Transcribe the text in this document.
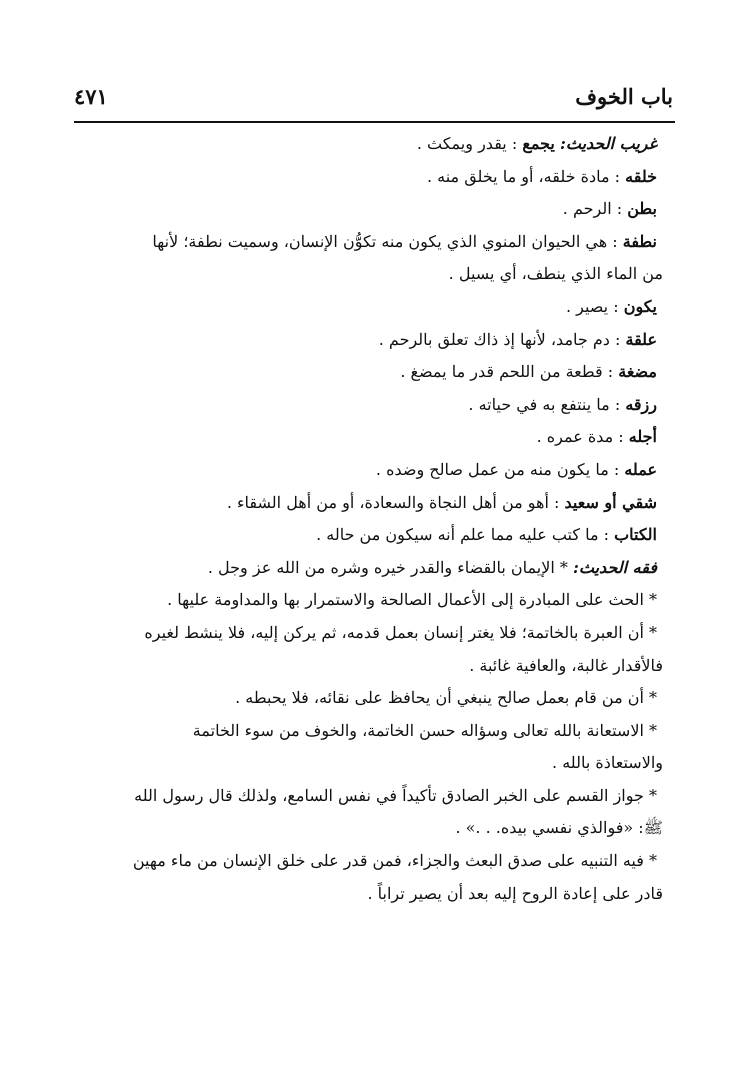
باب الخوف
٤٧١
غريب الحديث: يجمع : يقدر ويمكث .
خلقه : مادة خلقه، أو ما يخلق منه .
بطن : الرحم .
نطفة : هي الحيوان المنوي الذي يكون منه تكوُّن الإنسان، وسميت نطفة؛ لأنها
من الماء الذي ينطف، أي يسيل .
يكون : يصير .
علقة : دم جامد، لأنها إذ ذاك تعلق بالرحم .
مضغة : قطعة من اللحم قدر ما يمضغ .
رزقه : ما ينتفع به في حياته .
أجله : مدة عمره .
عمله : ما يكون منه من عمل صالح وضده .
شقي أو سعيد : أهو من أهل النجاة والسعادة، أو من أهل الشقاء .
الكتاب : ما كتب عليه مما علم أنه سيكون من حاله .
فقه الحديث: * الإيمان بالقضاء والقدر خيره وشره من الله عز وجل .
* الحث على المبادرة إلى الأعمال الصالحة والاستمرار بها والمداومة عليها .
* أن العبرة بالخاتمة؛ فلا يغتر إنسان بعمل قدمه، ثم يركن إليه، فلا ينشط لغيره
فالأقدار غالبة، والعافية غائبة .
* أن من قام بعمل صالح ينبغي أن يحافظ على نقائه، فلا يحبطه .
* الاستعانة بالله تعالى وسؤاله حسن الخاتمة، والخوف من سوء الخاتمة
والاستعاذة بالله .
* جواز القسم على الخبر الصادق تأكيداً في نفس السامع، ولذلك قال رسول الله
ﷺ: «فوالذي نفسي بيده. . .» .
* فيه التنبيه على صدق البعث والجزاء، فمن قدر على خلق الإنسان من ماء مهين
قادر على إعادة الروح إليه بعد أن يصير تراباً .
